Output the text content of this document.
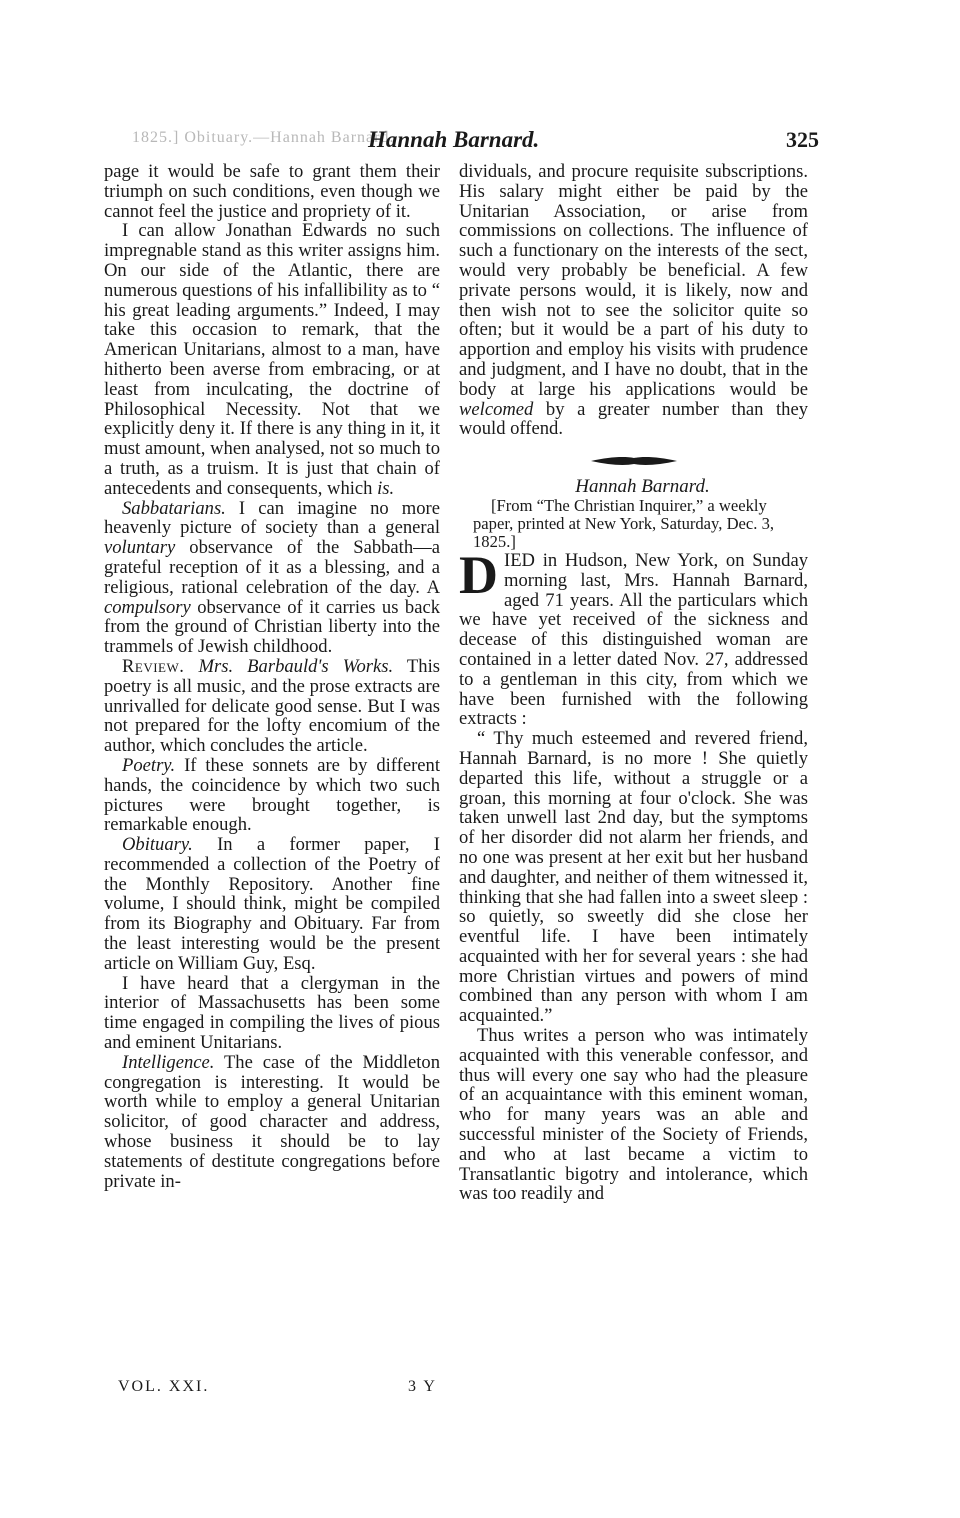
1825.] Obituary.—Hannah Barnard.
Hannah Barnard.	325

page it would be safe to grant them their triumph on such conditions, even though we cannot feel the justice and propriety of it.

I can allow Jonathan Edwards no such impregnable stand as this writer assigns him. On our side of the Atlantic, there are numerous questions of his infallibility as to “ his great leading arguments.” Indeed, I may take this occasion to remark, that the American Unitarians, almost to a man, have hitherto been averse from embracing, or at least from inculcating, the doctrine of Philosophical Necessity. Not that we explicitly deny it. If there is any thing in it, it must amount, when analysed, not so much to a truth, as a truism. It is just that chain of antecedents and consequents, which is.

Sabbatarians. I can imagine no more heavenly picture of society than a general voluntary observance of the Sabbath—a grateful reception of it as a blessing, and a religious, rational celebration of the day. A compulsory observance of it carries us back from the ground of Christian liberty into the trammels of Jewish childhood.

Review. Mrs. Barbauld's Works. This poetry is all music, and the prose extracts are unrivalled for delicate good sense. But I was not prepared for the lofty encomium of the author, which concludes the article.

Poetry. If these sonnets are by different hands, the coincidence by which two such pictures were brought together, is remarkable enough.

Obituary. In a former paper, I recommended a collection of the Poetry of the Monthly Repository. Another fine volume, I should think, might be compiled from its Biography and Obituary. Far from the least interesting would be the present article on William Guy, Esq.

I have heard that a clergyman in the interior of Massachusetts has been some time engaged in compiling the lives of pious and eminent Unitarians.

Intelligence. The case of the Middleton congregation is interesting. It would be worth while to employ a general Unitarian solicitor, of good character and address, whose business it should be to lay statements of destitute congregations before private in-

dividuals, and procure requisite subscriptions. His salary might either be paid by the Unitarian Association, or arise from commissions on collections. The influence of such a functionary on the interests of the sect, would very probably be beneficial. A few private persons would, it is likely, now and then wish not to see the solicitor quite so often; but it would be a part of his duty to apportion and employ his visits with prudence and judgment, and I have no doubt, that in the body at large his applications would be welcomed by a greater number than they would offend.

Hannah Barnard.

[From “The Christian Inquirer,” a weekly paper, printed at New York, Saturday, Dec. 3, 1825.]

DIED in Hudson, New York, on Sunday morning last, Mrs. Hannah Barnard, aged 71 years. All the particulars which we have yet received of the sickness and decease of this distinguished woman are contained in a letter dated Nov. 27, addressed to a gentleman in this city, from which we have been furnished with the following extracts :

“ Thy much esteemed and revered friend, Hannah Barnard, is no more ! She quietly departed this life, without a struggle or a groan, this morning at four o'clock. She was taken unwell last 2nd day, but the symptoms of her disorder did not alarm her friends, and no one was present at her exit but her husband and daughter, and neither of them witnessed it, thinking that she had fallen into a sweet sleep : so quietly, so sweetly did she close her eventful life. I have been intimately acquainted with her for several years : she had more Christian virtues and powers of mind combined than any person with whom I am acquainted.”

Thus writes a person who was intimately acquainted with this venerable confessor, and thus will every one say who had the pleasure of an acquaintance with this eminent woman, who for many years was an able and successful minister of the Society of Friends, and who at last became a victim to Transatlantic bigotry and intolerance, which was too readily and

VOL. XXI.	3 Y
